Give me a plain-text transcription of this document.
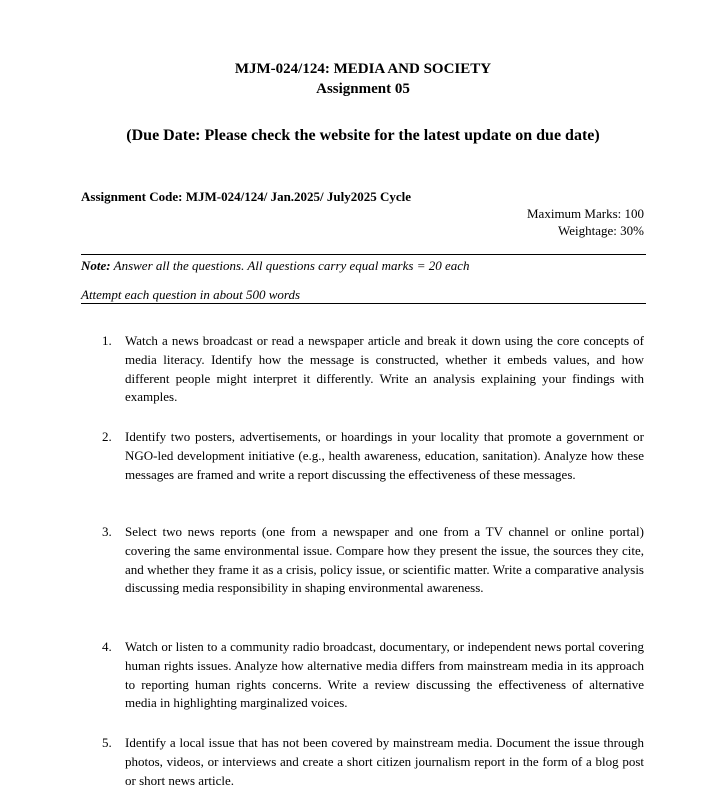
MJM-024/124: MEDIA AND SOCIETY
Assignment 05
(Due Date: Please check the website for the latest update on due date)
Assignment Code: MJM-024/124/ Jan.2025/ July2025 Cycle
Maximum Marks: 100
Weightage: 30%
Note: Answer all the questions. All questions carry equal marks = 20 each
Attempt each question in about 500 words
1.	Watch a news broadcast or read a newspaper article and break it down using the core concepts of media literacy. Identify how the message is constructed, whether it embeds values, and how different people might interpret it differently. Write an analysis explaining your findings with examples.
2.	Identify two posters, advertisements, or hoardings in your locality that promote a government or NGO-led development initiative (e.g., health awareness, education, sanitation). Analyze how these messages are framed and write a report discussing the effectiveness of these messages.
3.	Select two news reports (one from a newspaper and one from a TV channel or online portal) covering the same environmental issue. Compare how they present the issue, the sources they cite, and whether they frame it as a crisis, policy issue, or scientific matter. Write a comparative analysis discussing media responsibility in shaping environmental awareness.
4.	Watch or listen to a community radio broadcast, documentary, or independent news portal covering human rights issues. Analyze how alternative media differs from mainstream media in its approach to reporting human rights concerns. Write a review discussing the effectiveness of alternative media in highlighting marginalized voices.
5.	Identify a local issue that has not been covered by mainstream media. Document the issue through photos, videos, or interviews and create a short citizen journalism report in the form of a blog post or short news article.
